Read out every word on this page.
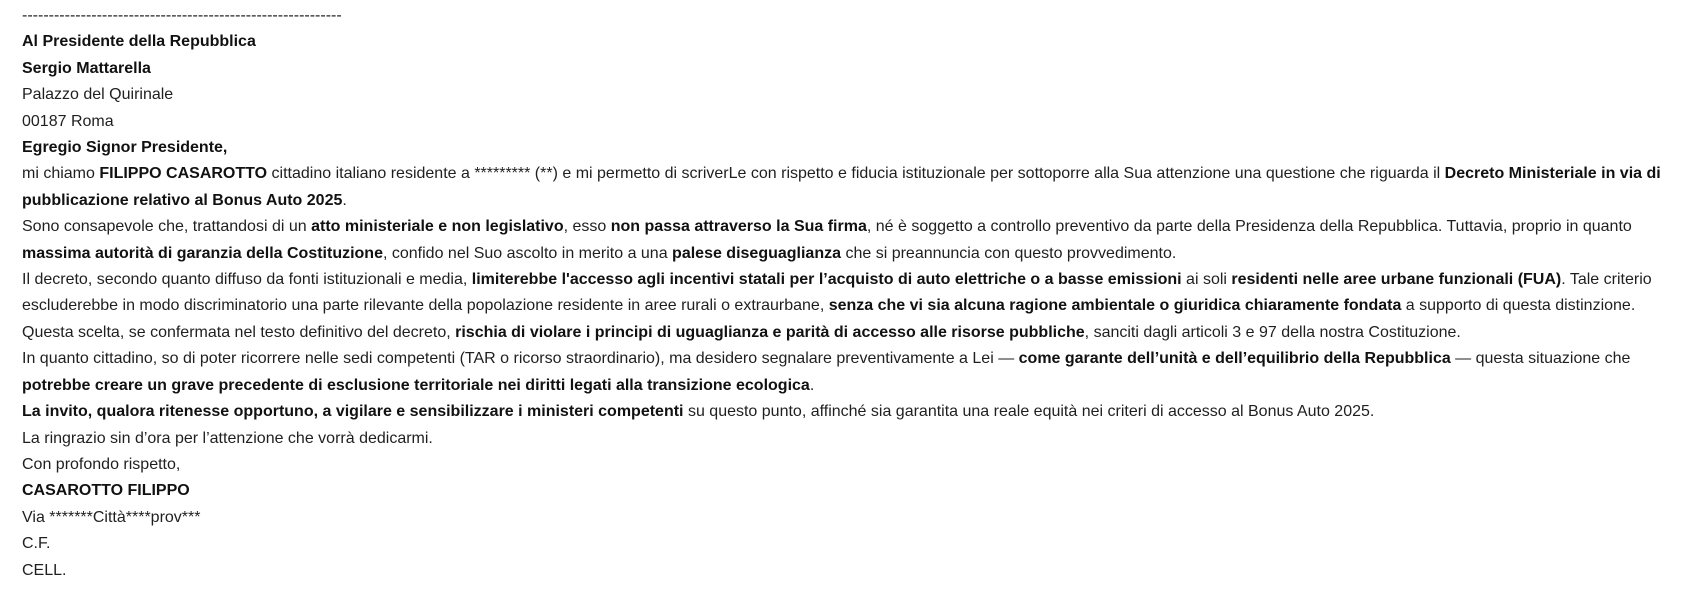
------------------------------------------------------------
Al Presidente della Repubblica
Sergio Mattarella
Palazzo del Quirinale
00187 Roma
Egregio Signor Presidente,

mi chiamo FILIPPO CASAROTTO cittadino italiano residente a ********* (**) e mi permetto di scriverLe con rispetto e fiducia istituzionale per sottoporre alla Sua attenzione una questione che riguarda il Decreto Ministeriale in via di pubblicazione relativo al Bonus Auto 2025.

Sono consapevole che, trattandosi di un atto ministeriale e non legislativo, esso non passa attraverso la Sua firma, né è soggetto a controllo preventivo da parte della Presidenza della Repubblica. Tuttavia, proprio in quanto massima autorità di garanzia della Costituzione, confido nel Suo ascolto in merito a una palese diseguaglianza che si preannuncia con questo provvedimento.

Il decreto, secondo quanto diffuso da fonti istituzionali e media, limiterebbe l'accesso agli incentivi statali per l’acquisto di auto elettriche o a basse emissioni ai soli residenti nelle aree urbane funzionali (FUA). Tale criterio escluderebbe in modo discriminatorio una parte rilevante della popolazione residente in aree rurali o extraurbane, senza che vi sia alcuna ragione ambientale o giuridica chiaramente fondata a supporto di questa distinzione.

Questa scelta, se confermata nel testo definitivo del decreto, rischia di violare i principi di uguaglianza e parità di accesso alle risorse pubbliche, sanciti dagli articoli 3 e 97 della nostra Costituzione.

In quanto cittadino, so di poter ricorrere nelle sedi competenti (TAR o ricorso straordinario), ma desidero segnalare preventivamente a Lei — come garante dell’unità e dell’equilibrio della Repubblica — questa situazione che potrebbe creare un grave precedente di esclusione territoriale nei diritti legati alla transizione ecologica.

La invito, qualora ritenesse opportuno, a vigilare e sensibilizzare i ministeri competenti su questo punto, affinché sia garantita una reale equità nei criteri di accesso al Bonus Auto 2025.

La ringrazio sin d’ora per l’attenzione che vorrà dedicarmi.
Con profondo rispetto,
CASAROTTO FILIPPO
Via *******Città****prov***
C.F.
CELL.
